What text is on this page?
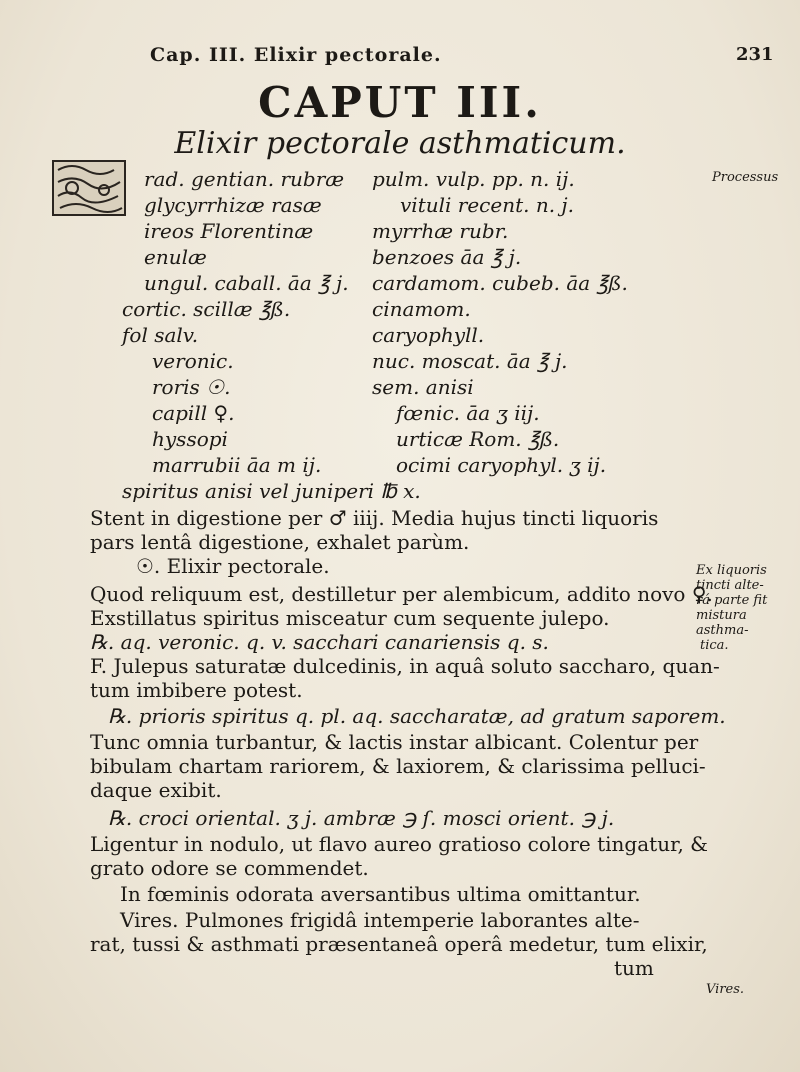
Cap. III. Elixir pectorale.	231
CAPUT III.
Elixir pectorale asthmaticum.
rad. gentian. rubræ
glycyrrhizæ rasæ
ireos Florentinæ
enulæ
ungul. caball. āa ℥ j.
cortic. scillæ ℥ß.
fol salv.
veronic.
roris ☉.
capill ♀.
hyssopi
marrubii āa m ij.
spiritus anisi vel juniperi ℔ x.
pulm. vulp. pp. n. ij.
vituli recent. n. j.
myrrhæ rubr.
benzoes āa ℥ j.
cardamom. cubeb. āa ℥ß.
cinamom.
caryophyll.
nuc. moscat. āa ℥ j.
sem. anisi
fœnic. āa ʒ iij.
urticæ Rom. ℥ß.
ocimi caryophyl. ʒ ij.
Processus
Ex liquoris
tincti alte-
rá parte fit
mistura
asthma-
tica.
Vires.
Stent in digestione per ♂ iiij. Media hujus tincti liquoris
pars lentâ digestione, exhalet parùm.
☉. Elixir pectorale.
Quod reliquum est, destilletur per alembicum, addito novo ♀.
Exstillatus spiritus misceatur cum sequente julepo.
℞. aq. veronic. q. v. sacchari canariensis q. s.
F. Julepus saturatæ dulcedinis, in aquâ soluto saccharo, quan-
tum imbibere potest.
℞. prioris spiritus q. pl. aq. saccharatæ, ad gratum saporem.
Tunc omnia turbantur, & lactis instar albicant. Colentur per
bibulam chartam rariorem, & laxiorem, & clarissima pelluci-
daque exibit.
℞. croci oriental. ʒ j. ambræ ℈ ſ. mosci orient. ℈ j.
Ligentur in nodulo, ut flavo aureo gratioso colore tingatur, &
grato odore se commendet.
In fœminis odorata aversantibus ultima omittantur.
Vires. Pulmones frigidâ intemperie laborantes alte-
rat, tussi & asthmati præsentaneâ operâ medetur, tum elixir,
tum
